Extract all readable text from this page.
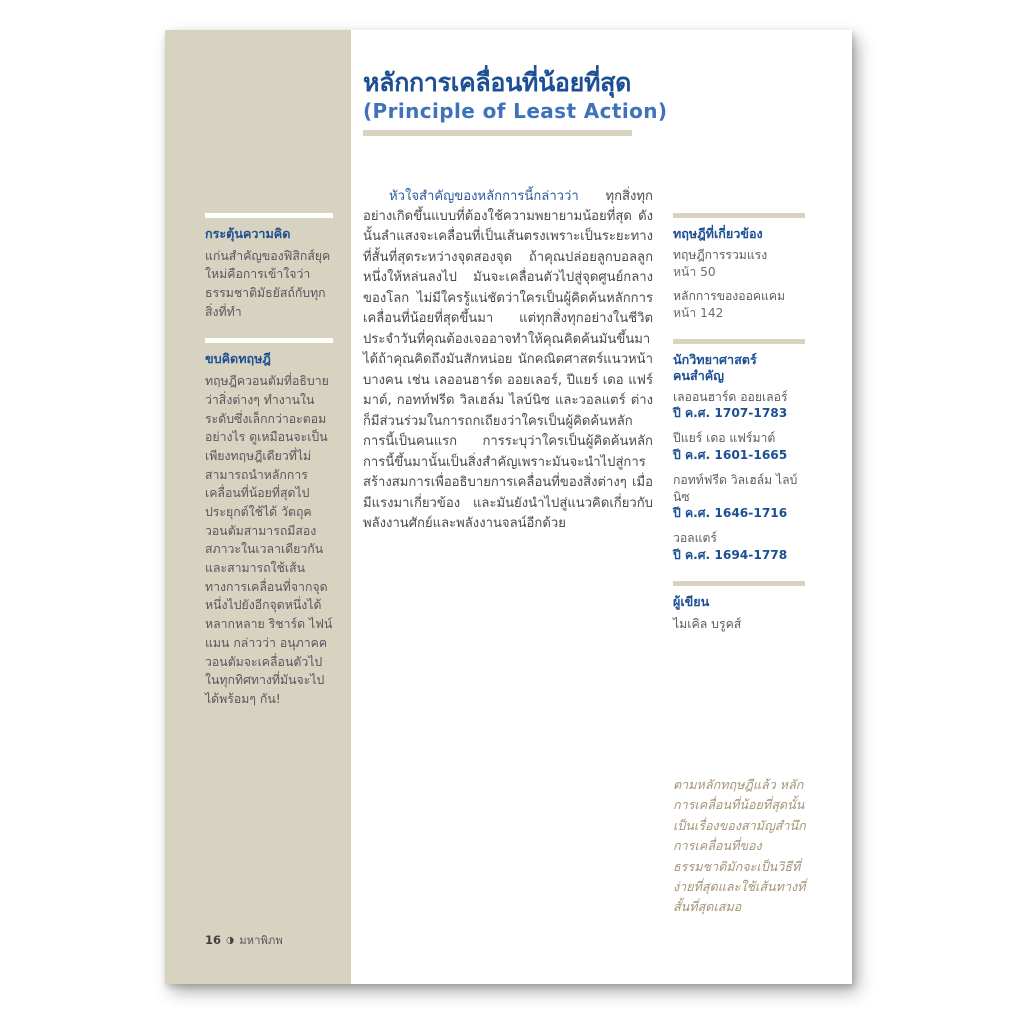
กระตุ้นความคิด
แก่นสำคัญของฟิสิกส์ยุคใหม่คือการเข้าใจว่าธรรมชาติมัธยัสถ์กับทุกสิ่งที่ทำ
ขบคิดทฤษฎี
ทฤษฎีควอนตัมที่อธิบายว่าสิ่งต่างๆ ทำงานในระดับซึ่งเล็กกว่าอะตอมอย่างไร ดูเหมือนจะเป็นเพียงทฤษฎีเดียวที่ไม่สามารถนำหลักการเคลื่อนที่น้อยที่สุดไปประยุกต์ใช้ได้ วัตถุควอนตัมสามารถมีสองสภาวะในเวลาเดียวกันและสามารถใช้เส้นทางการเคลื่อนที่จากจุดหนึ่งไปยังอีกจุดหนึ่งได้หลากหลาย ริชาร์ด ไฟน์แมน กล่าวว่า อนุภาคควอนตัมจะเคลื่อนตัวไปในทุกทิศทางที่มันจะไปได้พร้อมๆ กัน!
หลักการเคลื่อนที่น้อยที่สุด
(Principle of Least Action)
หัวใจสำคัญของหลักการนี้กล่าวว่า ทุกสิ่งทุกอย่างเกิดขึ้นแบบที่ต้องใช้ความพยายามน้อยที่สุด ดังนั้นลำแสงจะเคลื่อนที่เป็นเส้นตรงเพราะเป็นระยะทางที่สั้นที่สุดระหว่างจุดสองจุด ถ้าคุณปล่อยลูกบอลลูกหนึ่งให้หล่นลงไป มันจะเคลื่อนตัวไปสู่จุดศูนย์กลางของโลก ไม่มีใครรู้แน่ชัดว่าใครเป็นผู้คิดค้นหลักการเคลื่อนที่น้อยที่สุดขึ้นมา แต่ทุกสิ่งทุกอย่างในชีวิตประจำวันที่คุณต้องเจออาจทำให้คุณคิดค้นมันขึ้นมาได้ถ้าคุณคิดถึงมันสักหน่อย นักคณิตศาสตร์แนวหน้าบางคน เช่น เลออนฮาร์ด ออยเลอร์, ปีแยร์ เดอ แฟร์มาต์, กอทท์ฟรีด วิลเฮล์ม ไลบ์นิซ และวอลแตร์ ต่างก็มีส่วนร่วมในการถกเถียงว่าใครเป็นผู้คิดค้นหลักการนี้เป็นคนแรก การระบุว่าใครเป็นผู้คิดค้นหลักการนี้ขึ้นมานั้นเป็นสิ่งสำคัญเพราะมันจะนำไปสู่การสร้างสมการเพื่ออธิบายการเคลื่อนที่ของสิ่งต่างๆ เมื่อมีแรงมาเกี่ยวข้อง และมันยังนำไปสู่แนวคิดเกี่ยวกับพลังงานศักย์และพลังงานจลน์อีกด้วย
ทฤษฎีที่เกี่ยวข้อง
ทฤษฎีการรวมแรง
หน้า 50
หลักการของออคแคม
หน้า 142
นักวิทยาศาสตร์
คนสำคัญ
เลออนฮาร์ด ออยเลอร์
ปี ค.ศ. 1707-1783
ปีแยร์ เดอ แฟร์มาต์
ปี ค.ศ. 1601-1665
กอทท์ฟรีด วิลเฮล์ม ไลบ์นิซ
ปี ค.ศ. 1646-1716
วอลแตร์
ปี ค.ศ. 1694-1778
ผู้เขียน
ไมเคิล บรูคส์
ตามหลักทฤษฎีแล้ว หลักการเคลื่อนที่น้อยที่สุดนั้นเป็นเรื่องของสามัญสำนึก การเคลื่อนที่ของธรรมชาติมักจะเป็นวิธีที่ง่ายที่สุดและใช้เส้นทางที่สั้นที่สุดเสมอ
16 ◑ มหาพิภพ
